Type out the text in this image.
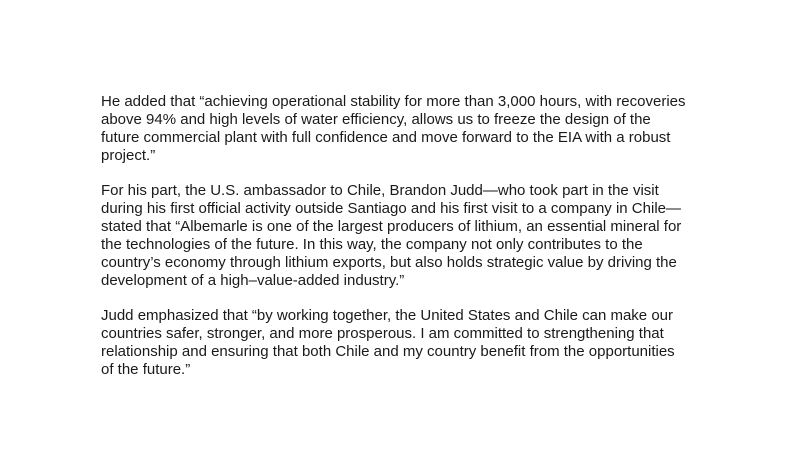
He added that “achieving operational stability for more than 3,000 hours, with recoveries
above 94% and high levels of water efficiency, allows us to freeze the design of the
future commercial plant with full confidence and move forward to the EIA with a robust
project.”

For his part, the U.S. ambassador to Chile, Brandon Judd—who took part in the visit
during his first official activity outside Santiago and his first visit to a company in Chile—
stated that “Albemarle is one of the largest producers of lithium, an essential mineral for
the technologies of the future. In this way, the company not only contributes to the
country’s economy through lithium exports, but also holds strategic value by driving the
development of a high–value-added industry.”

Judd emphasized that “by working together, the United States and Chile can make our
countries safer, stronger, and more prosperous. I am committed to strengthening that
relationship and ensuring that both Chile and my country benefit from the opportunities
of the future.”
